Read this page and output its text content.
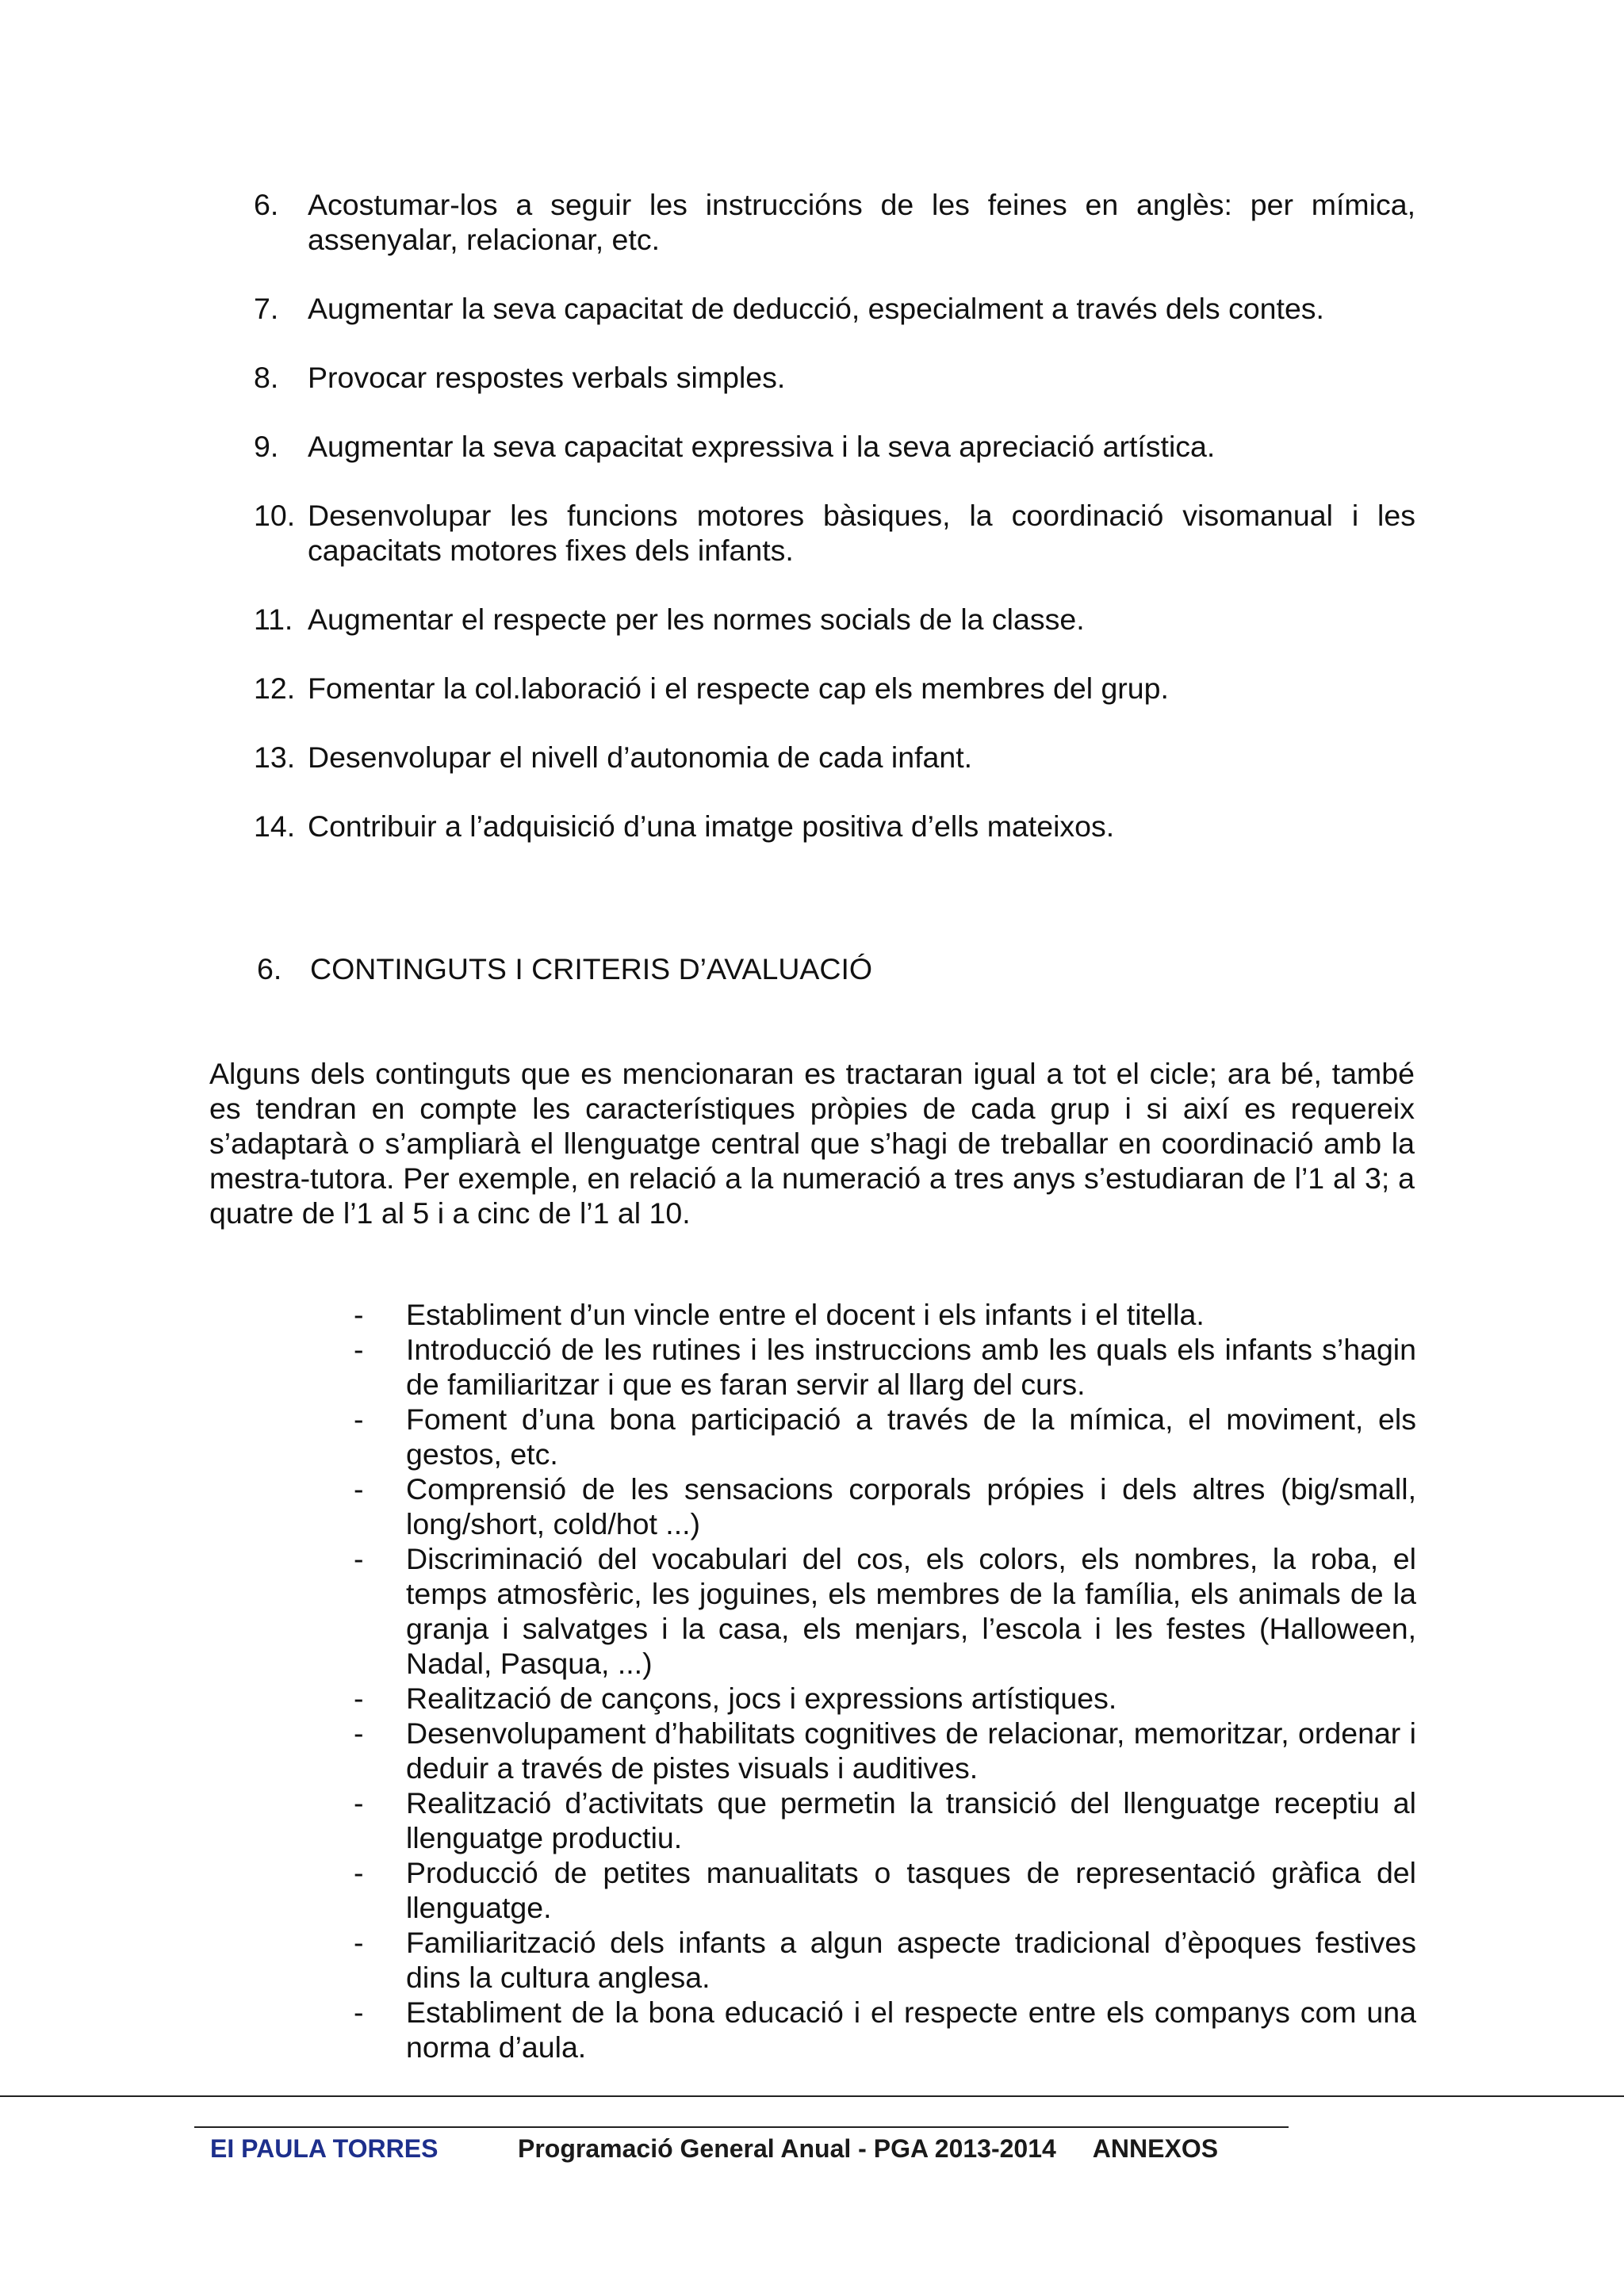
6. Acostumar-los a seguir les instruccións de les feines en anglès: per mímica, assenyalar, relacionar, etc.
7. Augmentar la seva capacitat de deducció, especialment a través dels contes.
8. Provocar respostes verbals simples.
9. Augmentar la seva capacitat expressiva i la seva apreciació artística.
10. Desenvolupar les funcions motores bàsiques, la coordinació visomanual i les capacitats motores fixes dels infants.
11. Augmentar el respecte per les normes socials de la classe.
12. Fomentar la col.laboració i el respecte cap els membres del grup.
13. Desenvolupar el nivell d’autonomia de cada infant.
14. Contribuir a l’adquisició d’una imatge positiva d’ells mateixos.
6. CONTINGUTS I CRITERIS D’AVALUACIÓ

Alguns dels continguts que es mencionaran es tractaran igual a tot el cicle; ara bé, també es tendran en compte les característiques pròpies de cada grup i si així es requereix s’adaptarà o s’ampliarà el llenguatge central que s’hagi de treballar en coordinació amb la mestra-tutora. Per exemple, en relació a la numeració a tres anys s’estudiaran de l’1 al 3; a quatre de l’1 al 5 i a cinc de l’1 al 10.

-	Establiment d’un vincle entre el docent i els infants i el titella.
-	Introducció de les rutines i les instruccions amb les quals els infants s’hagin de familiaritzar i que es faran servir al llarg del curs.
-	Foment d’una bona participació a través de la mímica, el moviment, els gestos, etc.
-	Comprensió de les sensacions corporals própies i dels altres (big/small, long/short, cold/hot ...)
-	Discriminació del vocabulari del cos, els colors, els nombres, la roba, el temps atmosfèric, les joguines, els membres de la família, els animals de la granja i salvatges i la casa, els menjars, l’escola i les festes (Halloween, Nadal, Pasqua, ...)
-	Realització de cançons, jocs i expressions artístiques.
-	Desenvolupament d’habilitats cognitives de relacionar, memoritzar, ordenar i deduir a través de pistes visuals i auditives.
-	Realització d’activitats que permetin la transició del llenguatge receptiu al llenguatge productiu.
-	Producció de petites manualitats o tasques de representació gràfica del llenguatge.
-	Familiarització dels infants a algun aspecte tradicional d’èpoques festives dins la cultura anglesa.
-	Establiment de la bona educació i el respecte entre els companys com una norma d’aula.
EI PAULA TORRES	Programació General Anual - PGA 2013-2014 ANNEXOS
